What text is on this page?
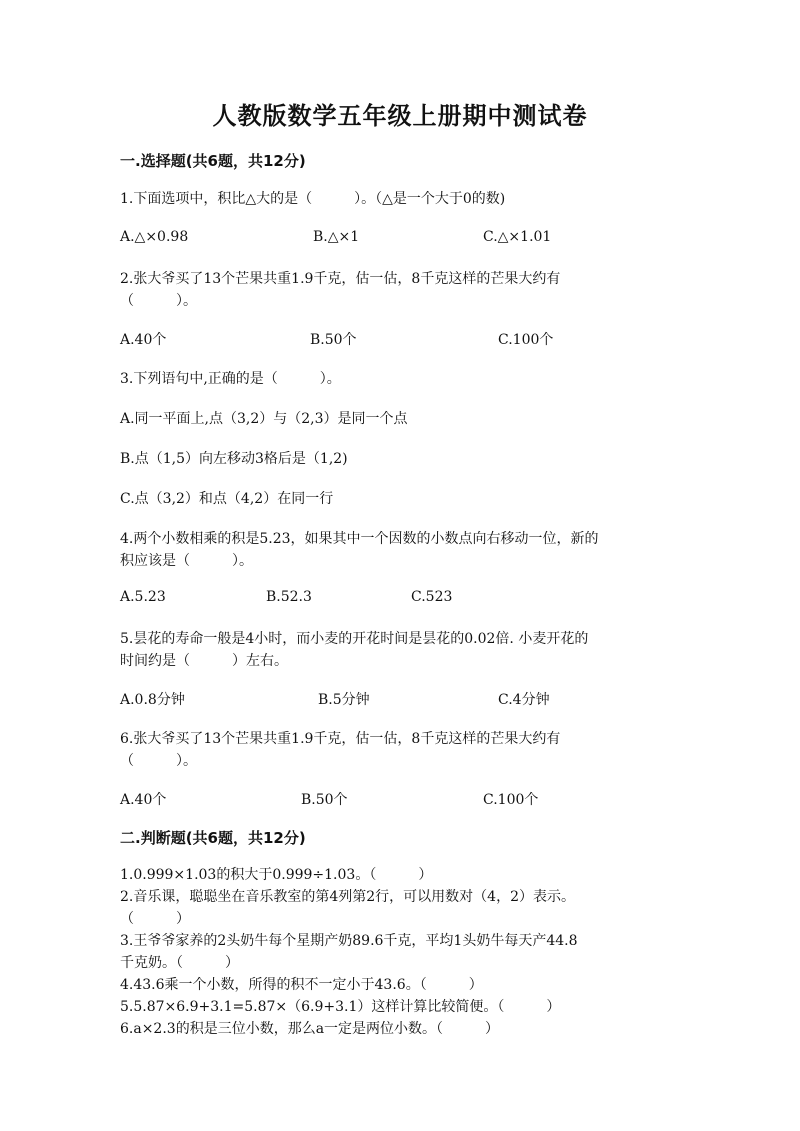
人教版数学五年级上册期中测试卷
一.选择题(共6题，共12分)
1.下面选项中，积比△大的是（　　　）。（△是一个大于0的数)
A.△×0.98	B.△×1	C.△×1.01
2.张大爷买了13个芒果共重1.9千克，估一估，8千克这样的芒果大约有
（　　　）。
A.40个	B.50个	C.100个
3.下列语句中,正确的是（　　　）。
A.同一平面上,点（3,2）与（2,3）是同一个点
B.点（1,5）向左移动3格后是（1,2)
C.点（3,2）和点（4,2）在同一行
4.两个小数相乘的积是5.23，如果其中一个因数的小数点向右移动一位，新的
积应该是（　　　）。
A.5.23	B.52.3	C.523
5.昙花的寿命一般是4小时，而小麦的开花时间是昙花的0.02倍. 小麦开花的
时间约是（　　　）左右。
A.0.8分钟	B.5分钟	C.4分钟
6.张大爷买了13个芒果共重1.9千克，估一估，8千克这样的芒果大约有
（　　　）。
A.40个	B.50个	C.100个
二.判断题(共6题，共12分)
1.0.999×1.03的积大于0.999÷1.03。（　　　）
2.音乐课，聪聪坐在音乐教室的第4列第2行，可以用数对（4，2）表示。
（　　　）
3.王爷爷家养的2头奶牛每个星期产奶89.6千克，平均1头奶牛每天产44.8
千克奶。（　　　）
4.43.6乘一个小数，所得的积不一定小于43.6。（　　　）
5.5.87×6.9+3.1=5.87×（6.9+3.1）这样计算比较简便。（　　　）
6.a×2.3的积是三位小数，那么a一定是两位小数。（　　　）
